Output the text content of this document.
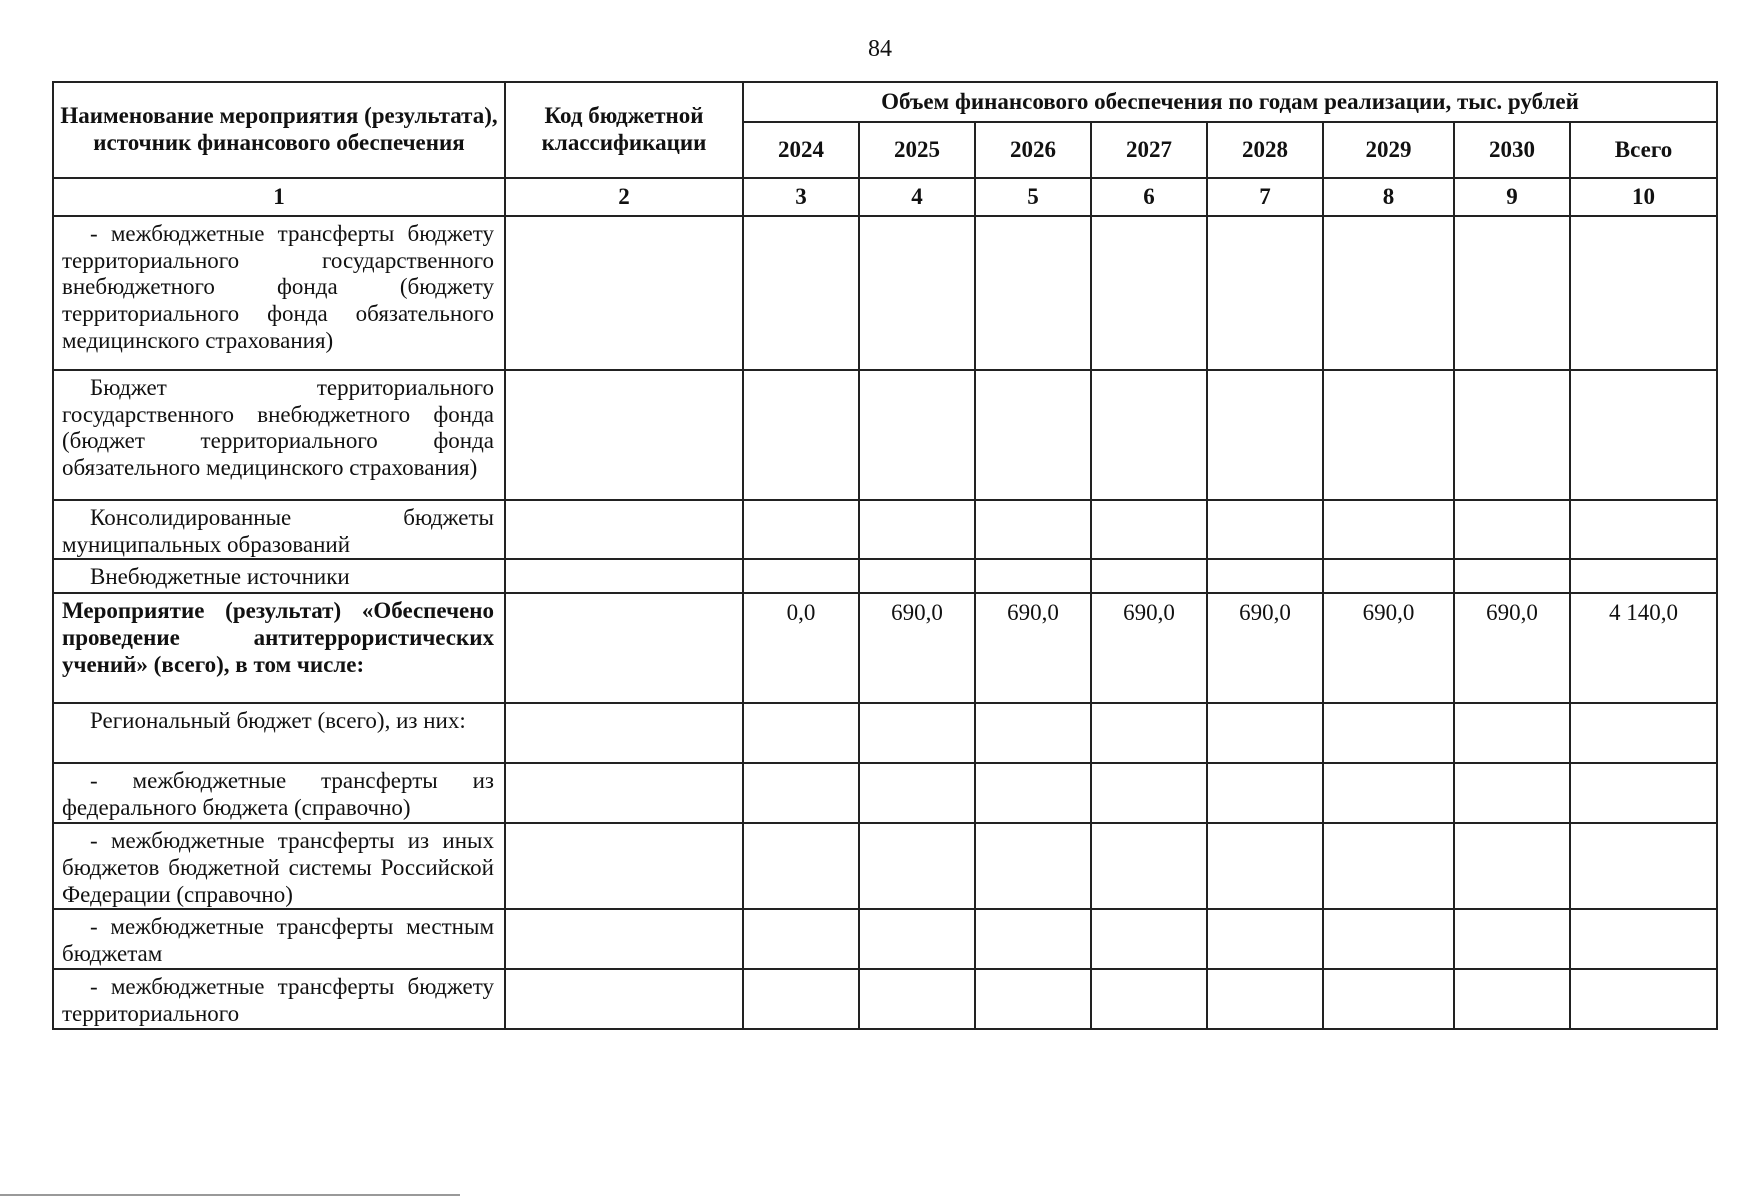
84
Наименование мероприятия (результата), источник финансового обеспечения	Код бюджетной классификации	Объем финансового обеспечения по годам реализации, тыс. рублей							
		2024	2025	2026	2027	2028	2029	2030	Всего
1	2	3	4	5	6	7	8	9	10
- межбюджетные трансферты бюджету территориального государственного внебюджетного фонда (бюджету территориального фонда обязательного медицинского страхования)									
Бюджет территориального государственного внебюджетного фонда (бюджет территориального фонда обязательного медицинского страхования)									
Консолидированные бюджеты муниципальных образований									
Внебюджетные источники									
Мероприятие (результат) «Обеспечено проведение антитеррористических учений» (всего), в том числе:		0,0	690,0	690,0	690,0	690,0	690,0	690,0	4 140,0
Региональный бюджет (всего), из них:									
- межбюджетные трансферты из федерального бюджета (справочно)									
- межбюджетные трансферты из иных бюджетов бюджетной системы Российской Федерации (справочно)									
- межбюджетные трансферты местным бюджетам									
- межбюджетные трансферты бюджету территориального									
